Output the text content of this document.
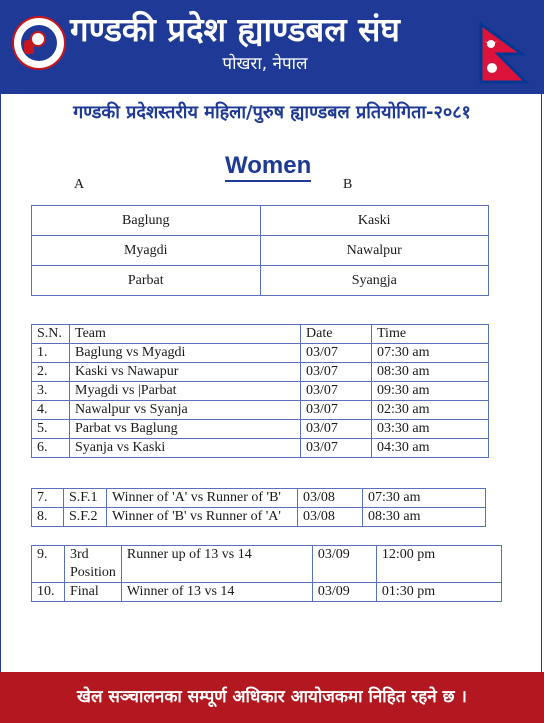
गण्डकी प्रदेश ह्याण्डबल संघ
पोखरा, नेपाल
गण्डकी प्रदेशस्तरीय महिला/पुरुष ह्याण्डबल प्रतियोगिता-२०८१
Women
A	B
Baglung	Kaski
Myagdi	Nawalpur
Parbat	Syangja
S.N.	Team	Date	Time
1.	Baglung vs Myagdi	03/07	07:30 am
2.	Kaski vs Nawapur	03/07	08:30 am
3.	Myagdi vs |Parbat	03/07	09:30 am
4.	Nawalpur vs Syanja	03/07	02:30 am
5.	Parbat vs Baglung	03/07	03:30 am
6.	Syanja vs Kaski	03/07	04:30 am
7.	S.F.1	Winner of 'A' vs Runner of 'B'	03/08	07:30 am
8.	S.F.2	Winner of 'B' vs Runner of 'A'	03/08	08:30 am
9.	3rd Position	Runner up of 13 vs 14	03/09	12:00 pm
10.	Final	Winner of 13 vs 14	03/09	01:30 pm
खेल सञ्चालनका सम्पूर्ण अधिकार आयोजकमा निहित रहने छ ।
